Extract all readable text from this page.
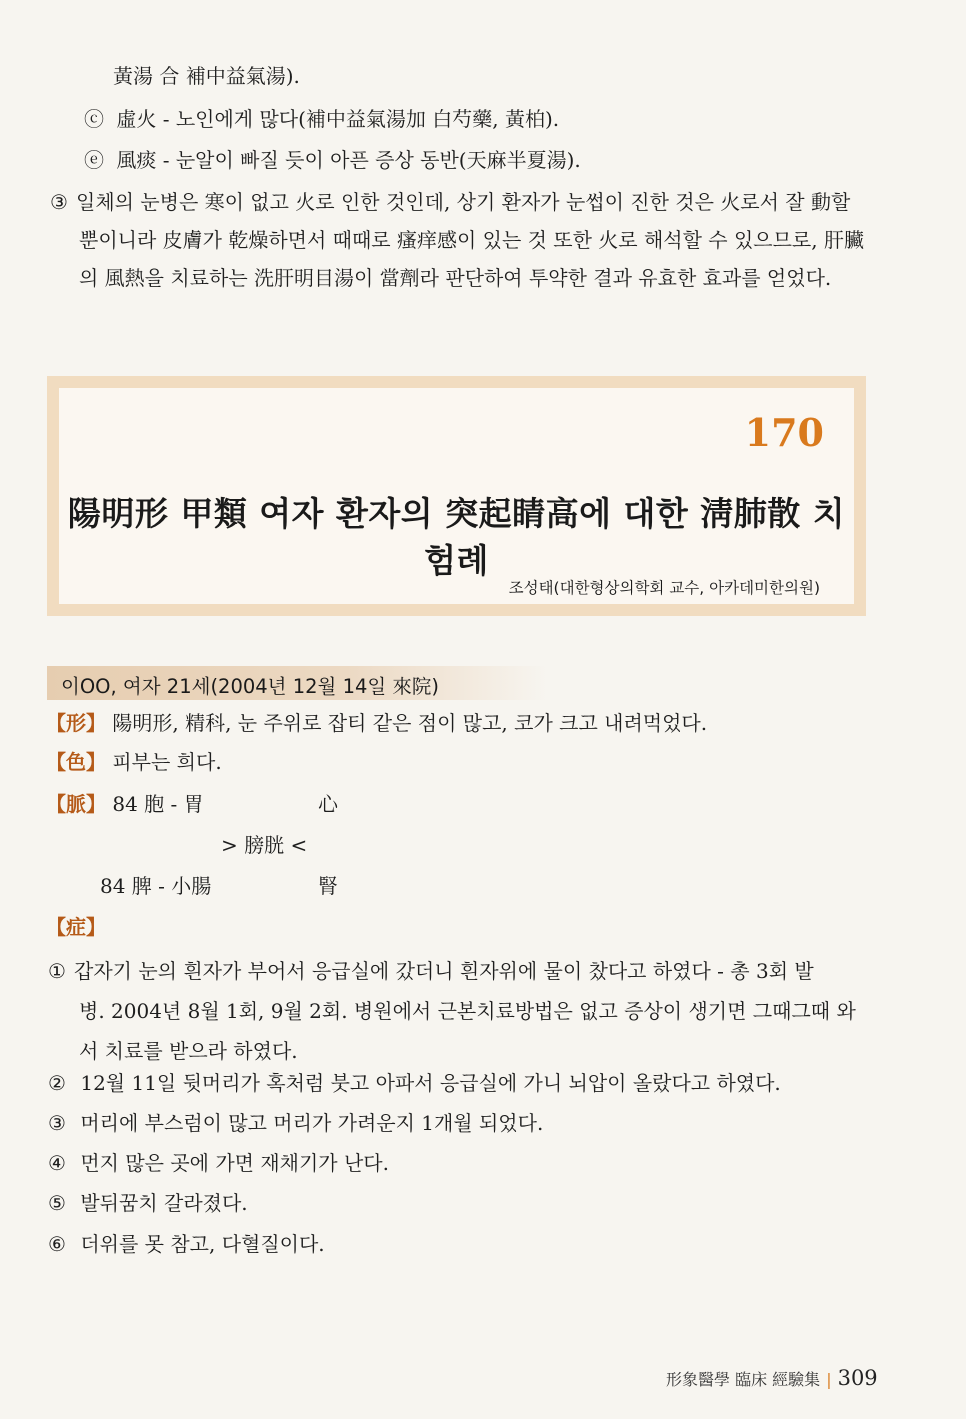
黃湯 合 補中益氣湯).
ⓒ 虛火 - 노인에게 많다(補中益氣湯加 白芍藥, 黃柏).
ⓔ 風痰 - 눈알이 빠질 듯이 아픈 증상 동반(天麻半夏湯).
③ 일체의 눈병은 寒이 없고 火로 인한 것인데, 상기 환자가 눈썹이 진한 것은 火로서 잘 動할
뿐이니라 皮膚가 乾燥하면서 때때로 瘙痒感이 있는 것 또한 火로 해석할 수 있으므로, 肝臟
의 風熱을 치료하는 洗肝明目湯이 當劑라 판단하여 투약한 결과 유효한 효과를 얻었다.
170
陽明形 甲類 여자 환자의 突起睛高에 대한 淸肺散 치험례
조성태(대한형상의학회 교수, 아카데미한의원)
이OO, 여자 21세(2004년 12월 14일 來院)
【形】 陽明形, 精科, 눈 주위로 잡티 같은 점이 많고, 코가 크고 내려먹었다.
【色】 피부는 희다.
【脈】 84 胞 - 胃	心
> 膀胱 <
84 脾 - 小腸	腎
【症】
① 갑자기 눈의 흰자가 부어서 응급실에 갔더니 흰자위에 물이 찼다고 하였다 - 총 3회 발
병. 2004년 8월 1회, 9월 2회. 병원에서 근본치료방법은 없고 증상이 생기면 그때그때 와
서 치료를 받으라 하였다.
② 12월 11일 뒷머리가 혹처럼 붓고 아파서 응급실에 가니 뇌압이 올랐다고 하였다.
③ 머리에 부스럼이 많고 머리가 가려운지 1개월 되었다.
④ 먼지 많은 곳에 가면 재채기가 난다.
⑤ 발뒤꿈치 갈라졌다.
⑥ 더위를 못 참고, 다혈질이다.
形象醫學 臨床 經驗集 | 309
